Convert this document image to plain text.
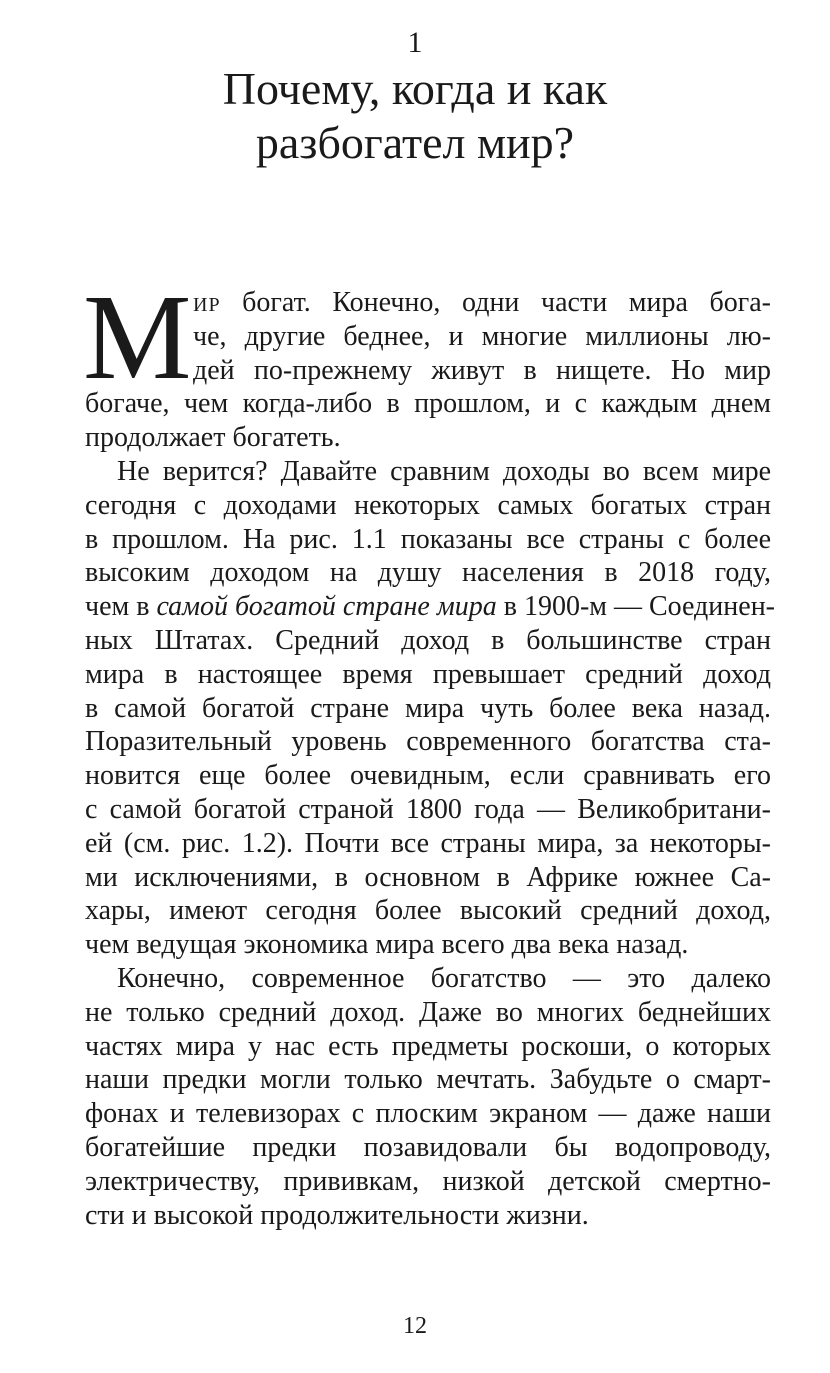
1
Почему, когда и как
разбогател мир?
М ир богат. Конечно, одни части мира бога-
че, другие беднее, и многие миллионы лю-
дей по-прежнему живут в нищете. Но мир
богаче, чем когда-либо в прошлом, и с каждым днем
продолжает богатеть.
Не верится? Давайте сравним доходы во всем мире
сегодня с доходами некоторых самых богатых стран
в прошлом. На рис. 1.1 показаны все страны с более
высоким доходом на душу населения в 2018 году,
чем в самой богатой стране мира в 1900-м — Соединен-
ных Штатах. Средний доход в большинстве стран
мира в настоящее время превышает средний доход
в самой богатой стране мира чуть более века назад.
Поразительный уровень современного богатства ста-
новится еще более очевидным, если сравнивать его
с самой богатой страной 1800 года — Великобритани-
ей (см. рис. 1.2). Почти все страны мира, за некоторы-
ми исключениями, в основном в Африке южнее Са-
хары, имеют сегодня более высокий средний доход,
чем ведущая экономика мира всего два века назад.
Конечно, современное богатство — это далеко
не только средний доход. Даже во многих беднейших
частях мира у нас есть предметы роскоши, о которых
наши предки могли только мечтать. Забудьте о смарт-
фонах и телевизорах с плоским экраном — даже наши
богатейшие предки позавидовали бы водопроводу,
электричеству, прививкам, низкой детской смертно-
сти и высокой продолжительности жизни.
12
